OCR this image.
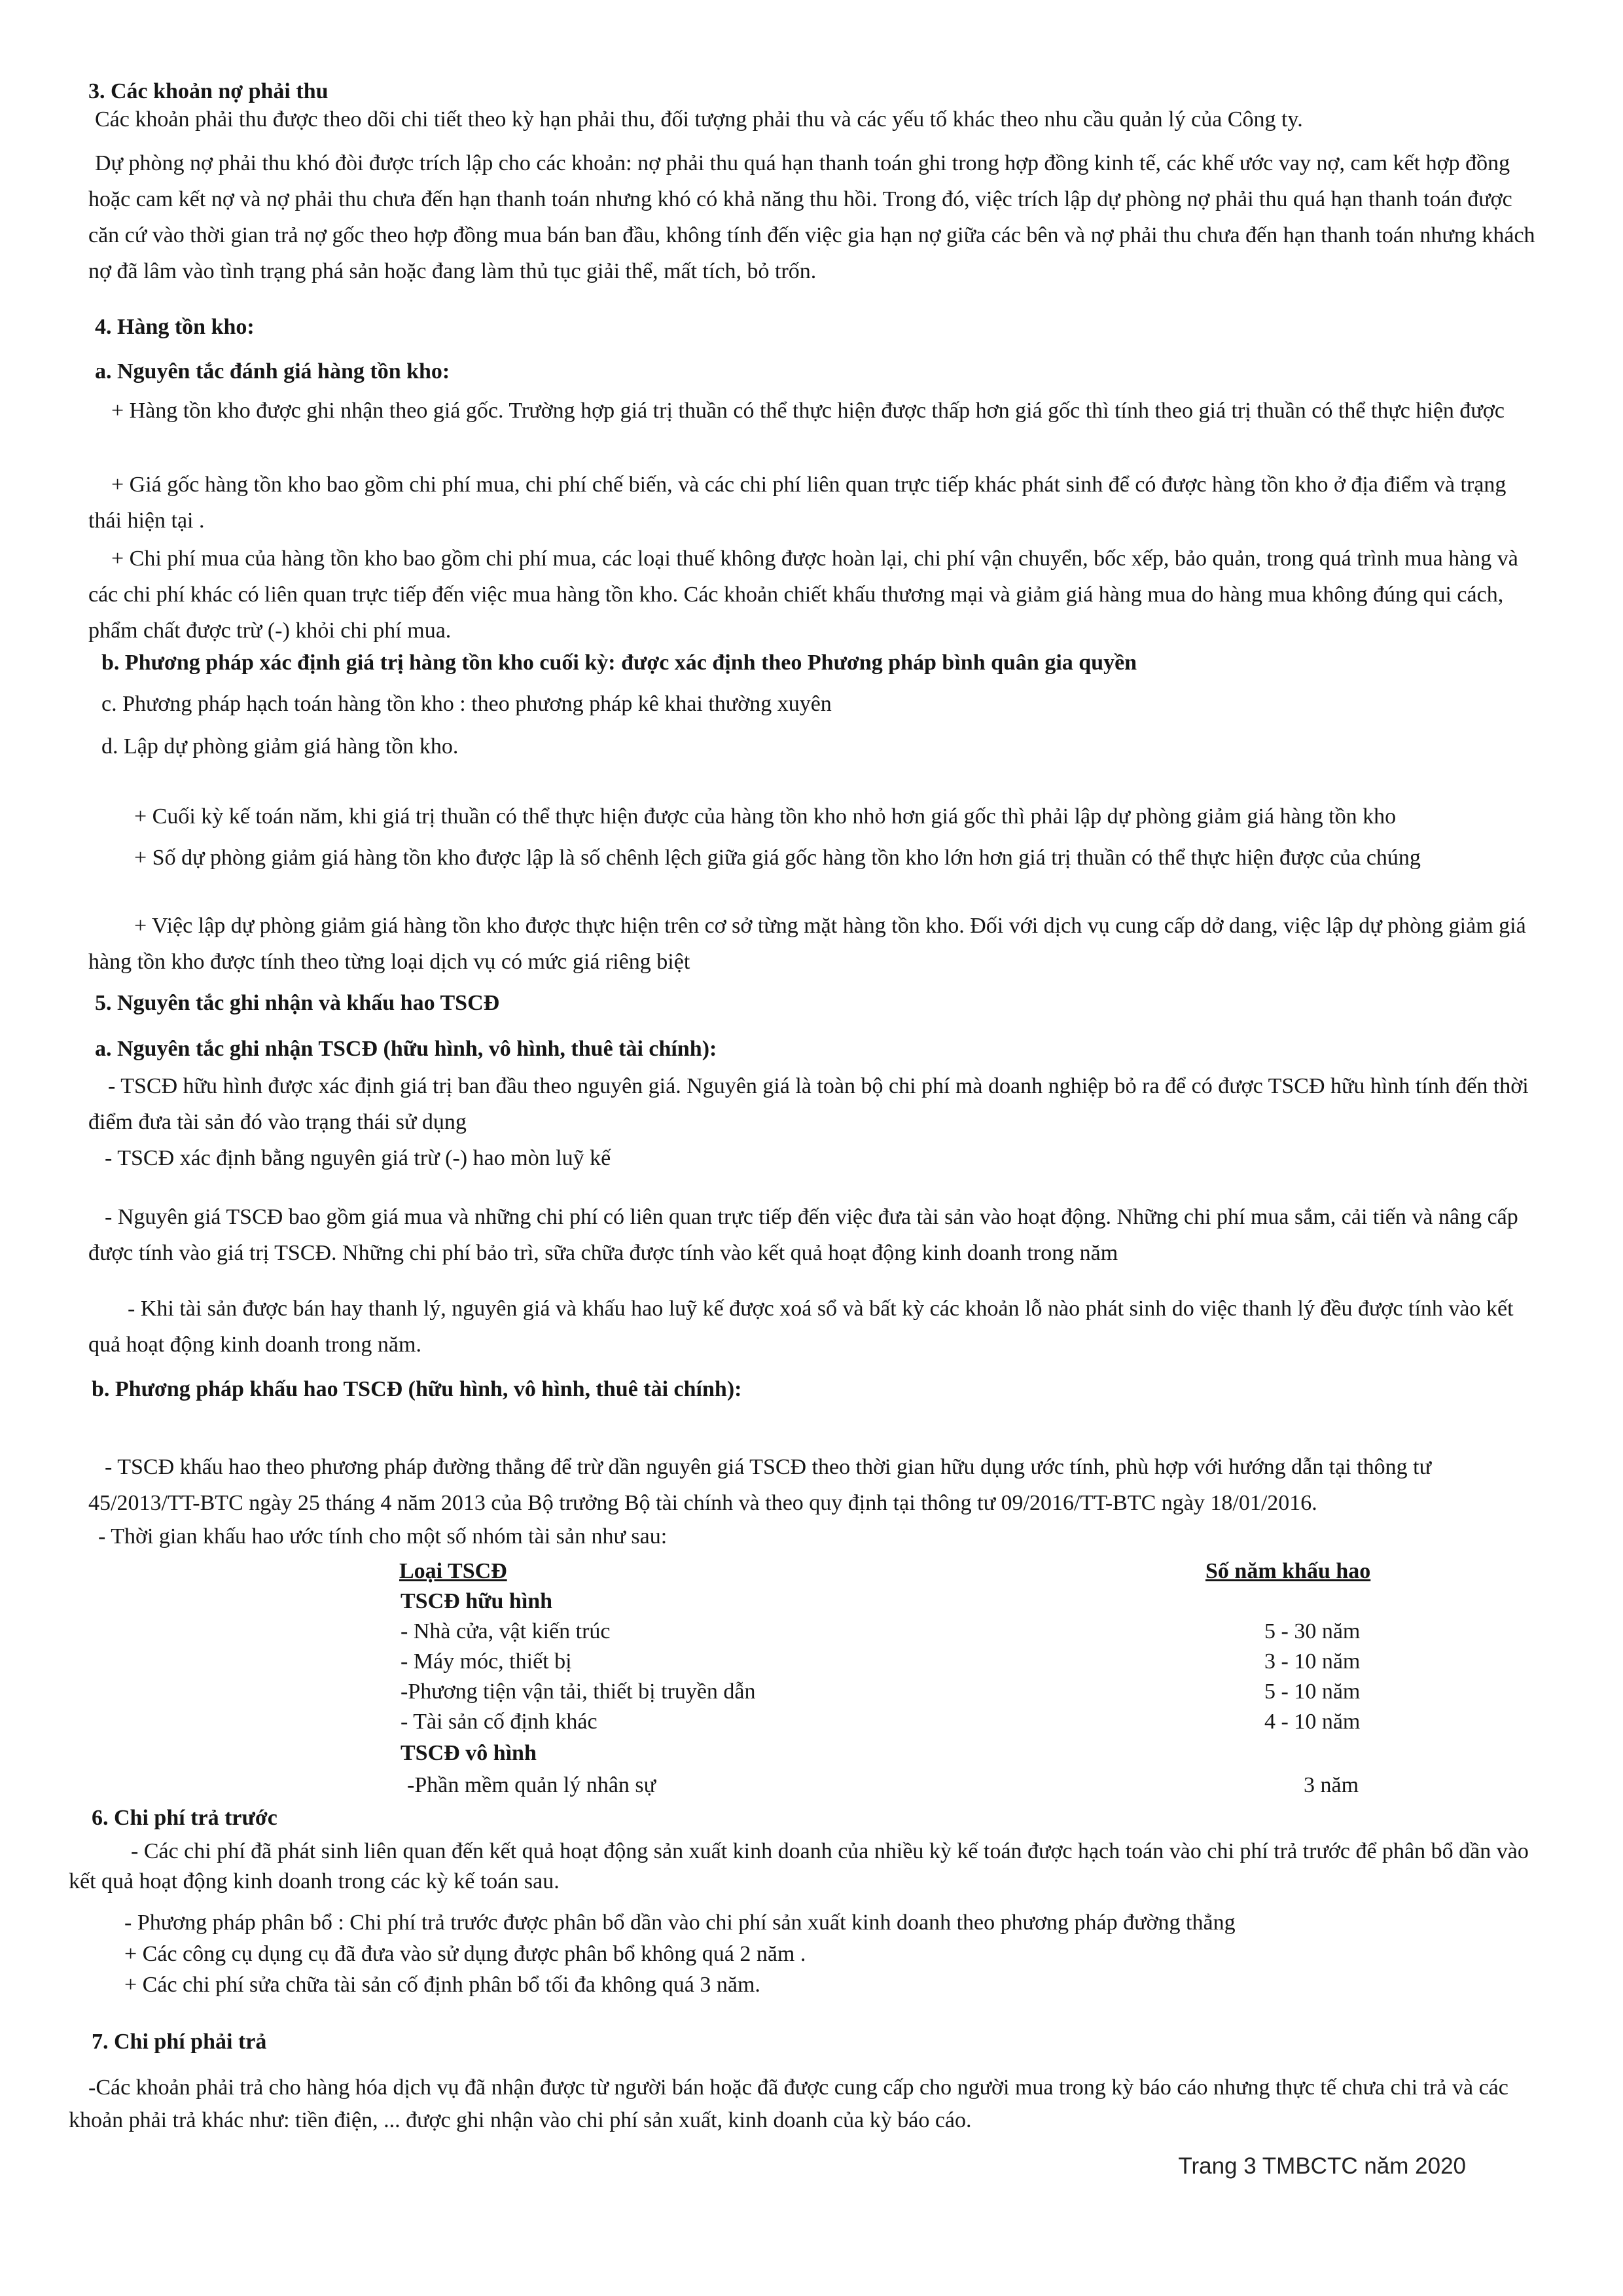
3. Các khoản nợ phải thu

Các khoản phải thu được theo dõi chi tiết theo kỳ hạn phải thu, đối tượng phải thu và các yếu tố khác theo nhu cầu quản lý của Công ty.

Dự phòng nợ phải thu khó đòi được trích lập cho các khoản: nợ phải thu quá hạn thanh toán ghi trong hợp đồng kinh tế, các khế ước vay nợ, cam kết hợp đồng hoặc cam kết nợ và nợ phải thu chưa đến hạn thanh toán nhưng khó có khả năng thu hồi. Trong đó, việc trích lập dự phòng nợ phải thu quá hạn thanh toán được căn cứ vào thời gian trả nợ gốc theo hợp đồng mua bán ban đầu, không tính đến việc gia hạn nợ giữa các bên và nợ phải thu chưa đến hạn thanh toán nhưng khách nợ đã lâm vào tình trạng phá sản hoặc đang làm thủ tục giải thể, mất tích, bỏ trốn.

4. Hàng tồn kho:

a. Nguyên tắc đánh giá hàng tồn kho:

+ Hàng tồn kho được ghi nhận theo giá gốc. Trường hợp giá trị thuần có thể thực hiện được thấp hơn giá gốc thì tính theo giá trị thuần có thể thực hiện được

+ Giá gốc hàng tồn kho bao gồm chi phí mua, chi phí chế biến, và các chi phí liên quan trực tiếp khác phát sinh để có được hàng tồn kho ở địa điểm và trạng thái hiện tại .

+ Chi phí mua của hàng tồn kho bao gồm chi phí mua, các loại thuế không được hoàn lại, chi phí vận chuyển, bốc xếp, bảo quản, trong quá trình mua hàng và các chi phí khác có liên quan trực tiếp đến việc mua hàng tồn kho. Các khoản chiết khấu thương mại và giảm giá hàng mua do hàng mua không đúng qui cách, phẩm chất được trừ (-) khỏi chi phí mua.

b. Phương pháp xác định giá trị hàng tồn kho cuối kỳ: được xác định theo Phương pháp bình quân gia quyền

c. Phương pháp hạch toán hàng tồn kho : theo phương pháp kê khai thường xuyên

d. Lập dự phòng giảm giá hàng tồn kho.

+ Cuối kỳ kế toán năm, khi giá trị thuần có thể thực hiện được của hàng tồn kho nhỏ hơn giá gốc thì phải lập dự phòng giảm giá hàng tồn kho

+ Số dự phòng giảm giá hàng tồn kho được lập là số chênh lệch giữa giá gốc hàng tồn kho lớn hơn giá trị thuần có thể thực hiện được của chúng

+ Việc lập dự phòng giảm giá hàng tồn kho được thực hiện trên cơ sở từng mặt hàng tồn kho. Đối với dịch vụ cung cấp dở dang, việc lập dự phòng giảm giá hàng tồn kho được tính theo từng loại dịch vụ có mức giá riêng biệt

5. Nguyên tắc ghi nhận và khấu hao TSCĐ

a. Nguyên tắc ghi nhận TSCĐ (hữu hình, vô hình, thuê tài chính):

- TSCĐ hữu hình được xác định giá trị ban đầu theo nguyên giá. Nguyên giá là toàn bộ chi phí mà doanh nghiệp bỏ ra để có được TSCĐ hữu hình tính đến thời điểm đưa tài sản đó vào trạng thái sử dụng

- TSCĐ xác định bằng nguyên giá trừ (-) hao mòn luỹ kế

- Nguyên giá TSCĐ bao gồm giá mua và những chi phí có liên quan trực tiếp đến việc đưa tài sản vào hoạt động. Những chi phí mua sắm, cải tiến và nâng cấp được tính vào giá trị TSCĐ. Những chi phí bảo trì, sữa chữa được tính vào kết quả hoạt động kinh doanh trong năm

- Khi tài sản được bán hay thanh lý, nguyên giá và khấu hao luỹ kế được xoá sổ và bất kỳ các khoản lỗ nào phát sinh do việc thanh lý đều được tính vào kết quả hoạt động kinh doanh trong năm.

b. Phương pháp khấu hao TSCĐ (hữu hình, vô hình, thuê tài chính):

- TSCĐ khấu hao theo phương pháp đường thẳng để trừ dần nguyên giá TSCĐ theo thời gian hữu dụng ước tính, phù hợp với hướng dẫn tại thông tư 45/2013/TT-BTC ngày 25 tháng 4 năm 2013 của Bộ trưởng Bộ tài chính và theo quy định tại thông tư 09/2016/TT-BTC ngày 18/01/2016.

- Thời gian khấu hao ước tính cho một số nhóm tài sản như sau:

Loại TSCĐ	Số năm khấu hao
TSCĐ hữu hình
- Nhà cửa, vật kiến trúc	5 - 30 năm
- Máy móc, thiết bị	3 - 10 năm
-Phương tiện vận tải, thiết bị truyền dẫn	5 - 10 năm
- Tài sản cố định khác	4 - 10 năm
TSCĐ vô hình
-Phần mềm quản lý nhân sự	3 năm

6. Chi phí trả trước

- Các chi phí đã phát sinh liên quan đến kết quả hoạt động sản xuất kinh doanh của nhiều kỳ kế toán được hạch toán vào chi phí trả trước để phân bổ dần vào kết quả hoạt động kinh doanh trong các kỳ kế toán sau.

- Phương pháp phân bổ : Chi phí trả trước được phân bổ dần vào chi phí sản xuất kinh doanh theo phương pháp đường thẳng

+ Các công cụ dụng cụ đã đưa vào sử dụng được phân bổ không quá 2 năm .

+ Các chi phí sửa chữa tài sản cố định phân bổ tối đa không quá 3 năm.

7. Chi phí phải trả

-Các khoản phải trả cho hàng hóa dịch vụ đã nhận được từ người bán hoặc đã được cung cấp cho người mua trong kỳ báo cáo nhưng thực tế chưa chi trả và các khoản phải trả khác như: tiền điện, ... được ghi nhận vào chi phí sản xuất, kinh doanh của kỳ báo cáo.

Trang 3 TMBCTC năm 2020
